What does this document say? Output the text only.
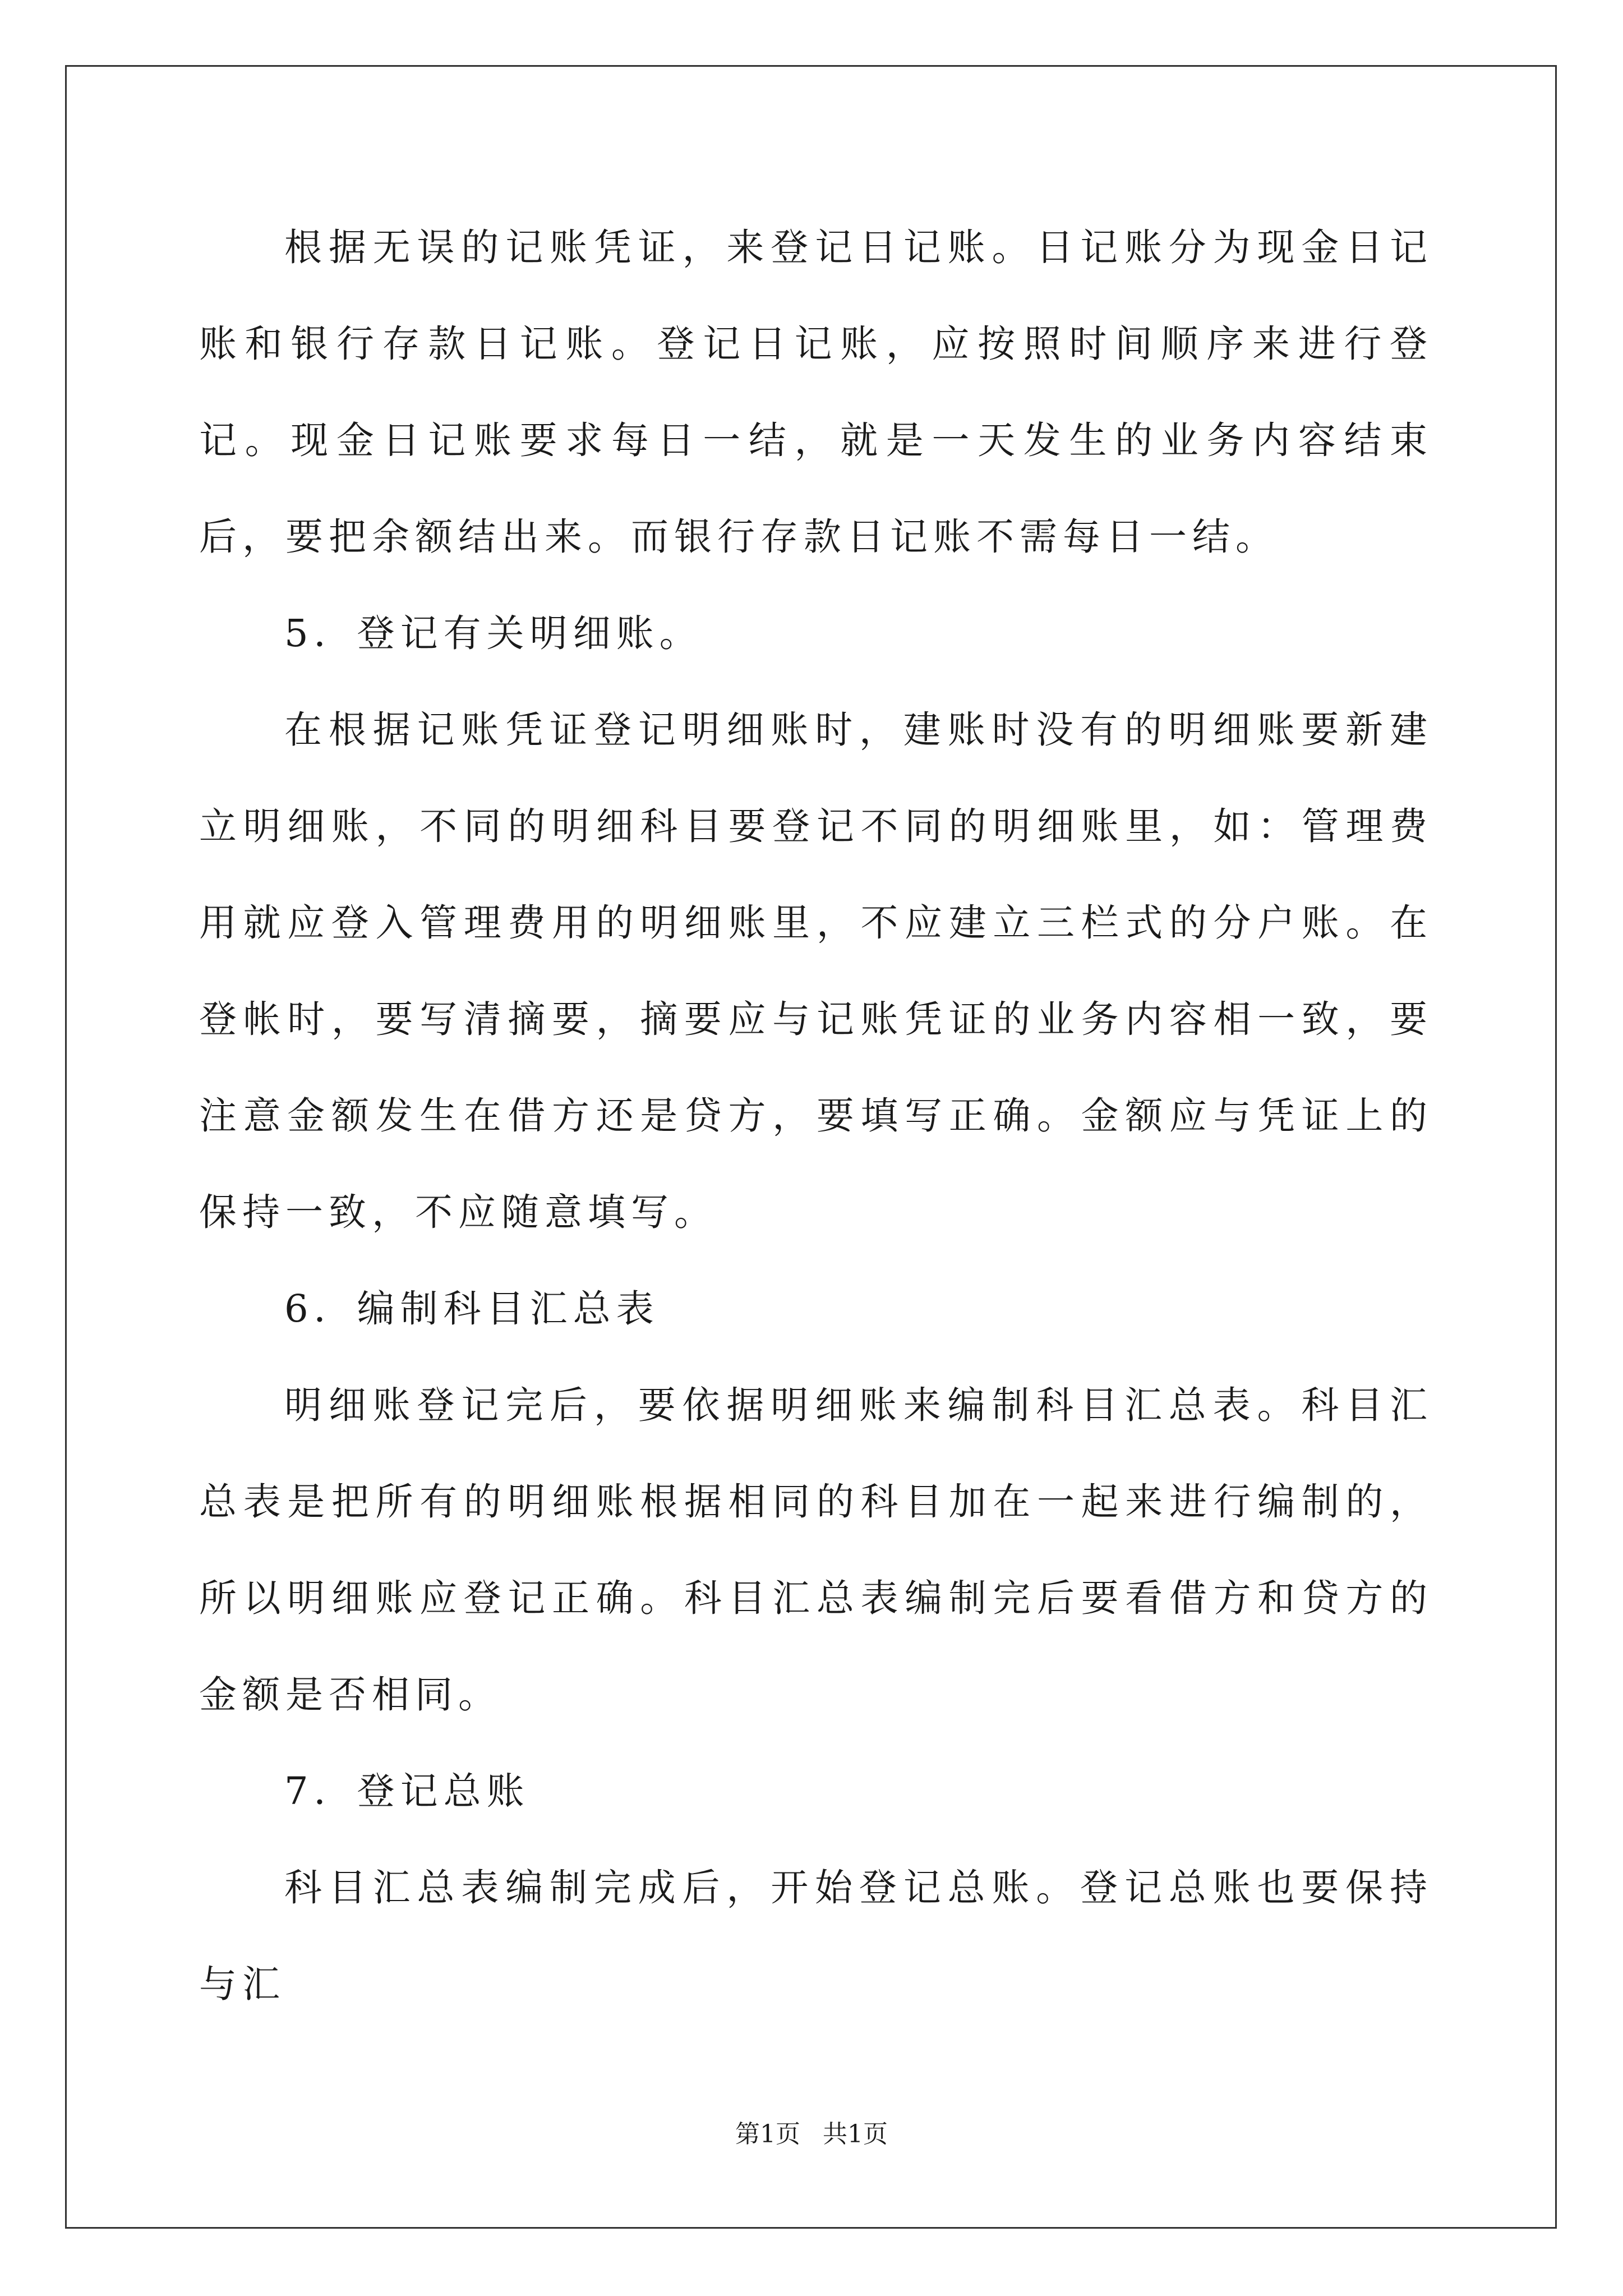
根据无误的记账凭证，来登记日记账。日记账分为现金日记账和银行存款日记账。登记日记账，应按照时间顺序来进行登记。现金日记账要求每日一结，就是一天发生的业务内容结束后，要把余额结出来。而银行存款日记账不需每日一结。

5．登记有关明细账。

在根据记账凭证登记明细账时，建账时没有的明细账要新建立明细账，不同的明细科目要登记不同的明细账里，如：管理费用就应登入管理费用的明细账里，不应建立三栏式的分户账。在登帐时，要写清摘要，摘要应与记账凭证的业务内容相一致，要注意金额发生在借方还是贷方，要填写正确。金额应与凭证上的保持一致，不应随意填写。

6．编制科目汇总表

明细账登记完后，要依据明细账来编制科目汇总表。科目汇总表是把所有的明细账根据相同的科目加在一起来进行编制的，所以明细账应登记正确。科目汇总表编制完后要看借方和贷方的金额是否相同。

7．登记总账

科目汇总表编制完成后，开始登记总账。登记总账也要保持与汇

第1页 共1页
